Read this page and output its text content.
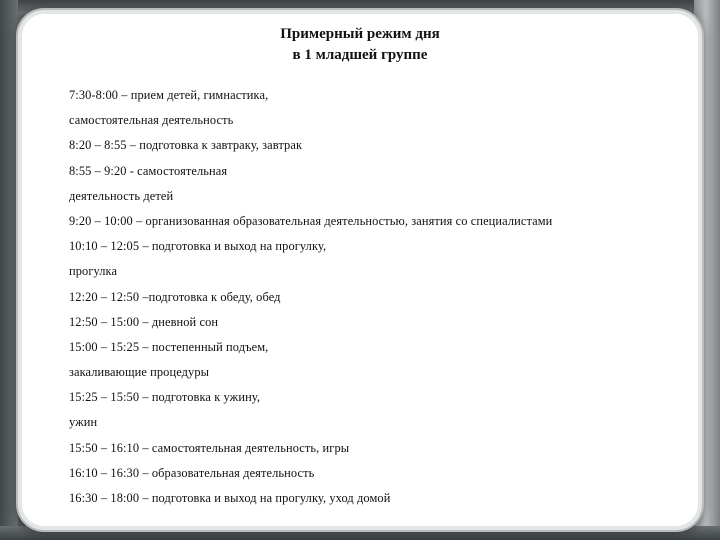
Примерный режим дня
в 1 младшей группе
7:30-8:00 – прием детей, гимнастика,
самостоятельная деятельность
8:20 – 8:55 – подготовка к завтраку, завтрак
8:55 – 9:20 - самостоятельная
деятельность детей
9:20 – 10:00 – организованная образовательная деятельностью, занятия со специалистами
10:10 – 12:05 – подготовка и выход на прогулку,
прогулка
12:20 – 12:50 –подготовка к обеду, обед
12:50 – 15:00 – дневной сон
15:00 – 15:25 – постепенный подъем,
закаливающие процедуры
15:25 – 15:50 – подготовка к ужину,
ужин
15:50 – 16:10 – самостоятельная деятельность, игры
16:10 – 16:30 – образовательная деятельность
16:30 – 18:00 – подготовка и выход на прогулку, уход домой
